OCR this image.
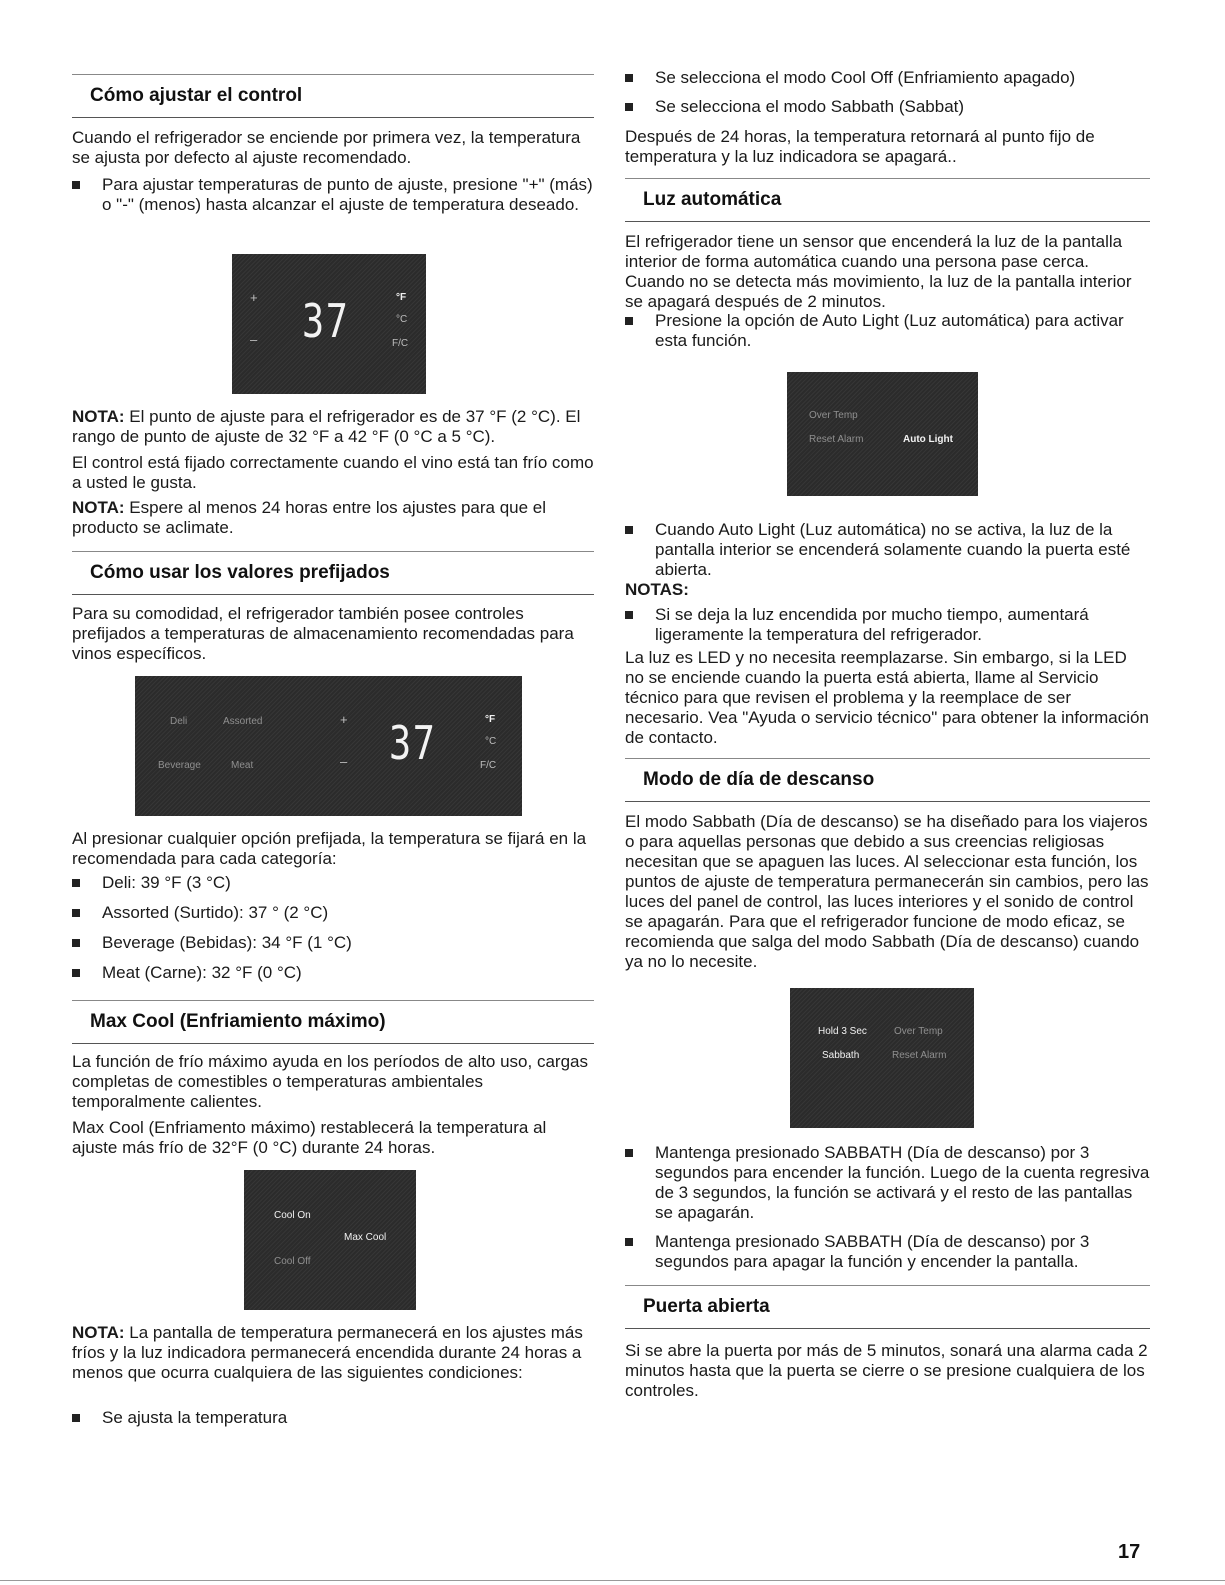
Cómo ajustar el control

Cuando el refrigerador se enciende por primera vez, la temperatura se ajusta por defecto al ajuste recomendado.

Para ajustar temperaturas de punto de ajuste, presione "+" (más) o "-" (menos) hasta alcanzar el ajuste de temperatura deseado.
+
– 37	°F
°C
F/C

NOTA: El punto de ajuste para el refrigerador es de 37 °F (2 °C). El rango de punto de ajuste de 32 °F a 42 °F (0 °C a 5 °C).

El control está fijado correctamente cuando el vino está tan frío como a usted le gusta.

NOTA: Espere al menos 24 horas entre los ajustes para que el producto se aclimate.

Cómo usar los valores prefijados

Para su comodidad, el refrigerador también posee controles prefijados a temperaturas de almacenamiento recomendadas para vinos específicos.

Deli	Assorted
Beverage	Meat
+
– 37	°F
°C
F/C

Al presionar cualquier opción prefijada, la temperatura se fijará en la recomendada para cada categoría:

Deli: 39 °F (3 °C)
Assorted (Surtido): 37 ° (2 °C)
Beverage (Bebidas): 34 °F (1 °C)
Meat (Carne): 32 °F (0 °C)
Max Cool (Enfriamiento máximo)

La función de frío máximo ayuda en los períodos de alto uso, cargas completas de comestibles o temperaturas ambientales temporalmente calientes.

Max Cool (Enfriamento máximo) restablecerá la temperatura al ajuste más frío de 32°F (0 °C) durante 24 horas.

Cool On
Max Cool
Cool Off

NOTA: La pantalla de temperatura permanecerá en los ajustes más fríos y la luz indicadora permanecerá encendida durante 24 horas a menos que ocurra cualquiera de las siguientes condiciones:

Se ajusta la temperatura
Se selecciona el modo Cool Off (Enfriamiento apagado)
Se selecciona el modo Sabbath (Sabbat)

Después de 24 horas, la temperatura retornará al punto fijo de temperatura y la luz indicadora se apagará..

Luz automática

El refrigerador tiene un sensor que encenderá la luz de la pantalla interior de forma automática cuando una persona pase cerca. Cuando no se detecta más movimiento, la luz de la pantalla interior se apagará después de 2 minutos.

Presione la opción de Auto Light (Luz automática) para activar esta función.
Over Temp
Reset Alarm	Auto Light
Cuando Auto Light (Luz automática) no se activa, la luz de la pantalla interior se encenderá solamente cuando la puerta esté abierta.

NOTAS:

Si se deja la luz encendida por mucho tiempo, aumentará ligeramente la temperatura del refrigerador.

La luz es LED y no necesita reemplazarse. Sin embargo, si la LED no se enciende cuando la puerta está abierta, llame al Servicio técnico para que revisen el problema y la reemplace de ser necesario. Vea "Ayuda o servicio técnico" para obtener la información de contacto.

Modo de día de descanso

El modo Sabbath (Día de descanso) se ha diseñado para los viajeros o para aquellas personas que debido a sus creencias religiosas necesitan que se apaguen las luces. Al seleccionar esta función, los puntos de ajuste de temperatura permanecerán sin cambios, pero las luces del panel de control, las luces interiores y el sonido de control se apagarán. Para que el refrigerador funcione de modo eficaz, se recomienda que salga del modo Sabbath (Día de descanso) cuando ya no lo necesite.

Hold 3 Sec	Over Temp
Sabbath	Reset Alarm
Mantenga presionado SABBATH (Día de descanso) por 3 segundos para encender la función. Luego de la cuenta regresiva de 3 segundos, la función se activará y el resto de las pantallas se apagarán.
Mantenga presionado SABBATH (Día de descanso) por 3 segundos para apagar la función y encender la pantalla.
Puerta abierta

Si se abre la puerta por más de 5 minutos, sonará una alarma cada 2 minutos hasta que la puerta se cierre o se presione cualquiera de los controles.

17
